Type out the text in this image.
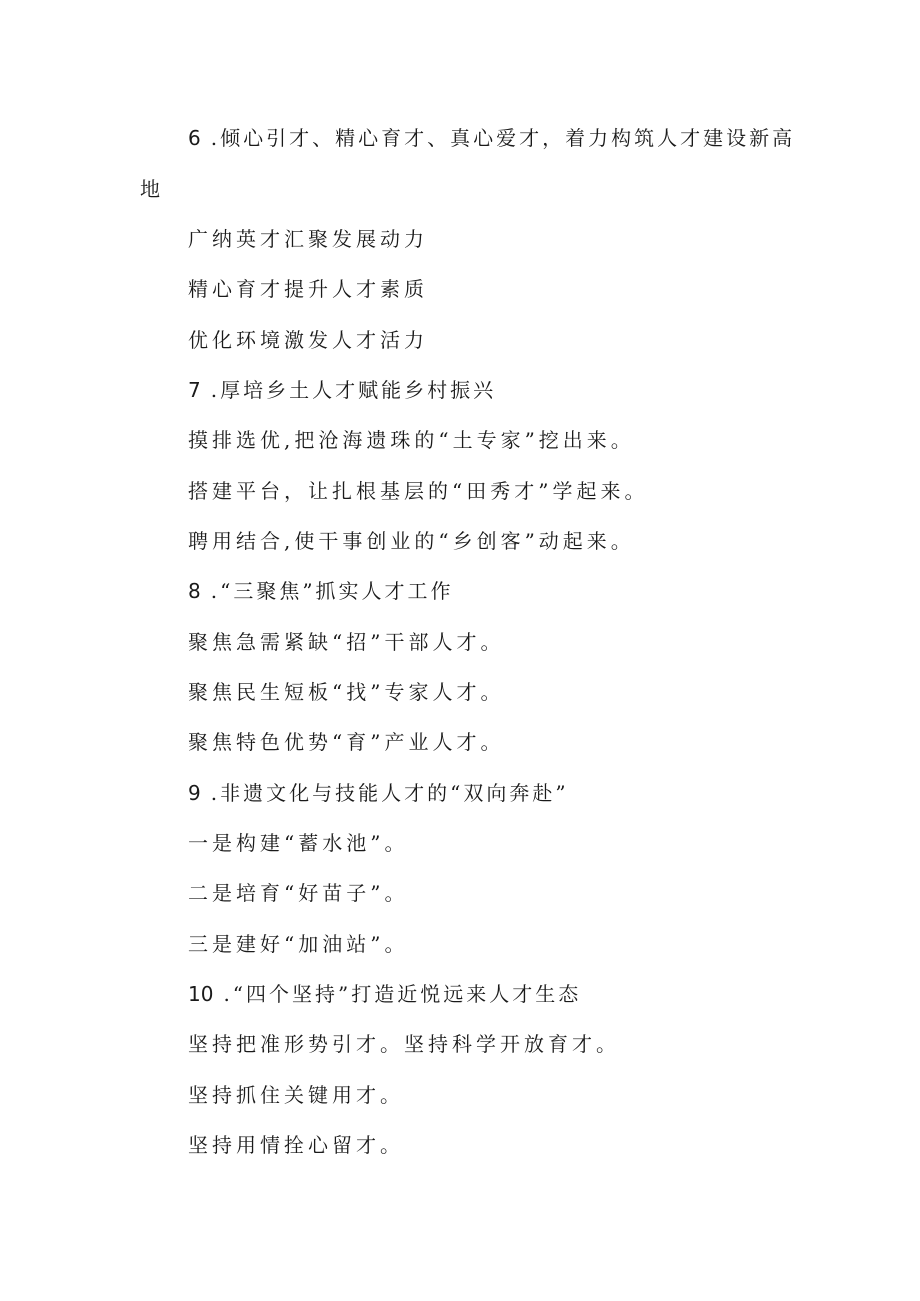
6 .倾心引才、精心育才、真心爱才，着力构筑人才建设新高
地
广纳英才汇聚发展动力
精心育才提升人才素质
优化环境激发人才活力
7 .厚培乡土人才赋能乡村振兴
摸排选优,把沧海遗珠的“土专家”挖出来。
搭建平台，让扎根基层的“田秀才”学起来。
聘用结合,使干事创业的“乡创客”动起来。
8 .“三聚焦”抓实人才工作
聚焦急需紧缺“招”干部人才。
聚焦民生短板“找”专家人才。
聚焦特色优势“育”产业人才。
9 .非遗文化与技能人才的“双向奔赴”
一是构建“蓄水池”。
二是培育“好苗子”。
三是建好“加油站”。
10 .“四个坚持”打造近悦远来人才生态
坚持把准形势引才。坚持科学开放育才。
坚持抓住关键用才。
坚持用情拴心留才。
